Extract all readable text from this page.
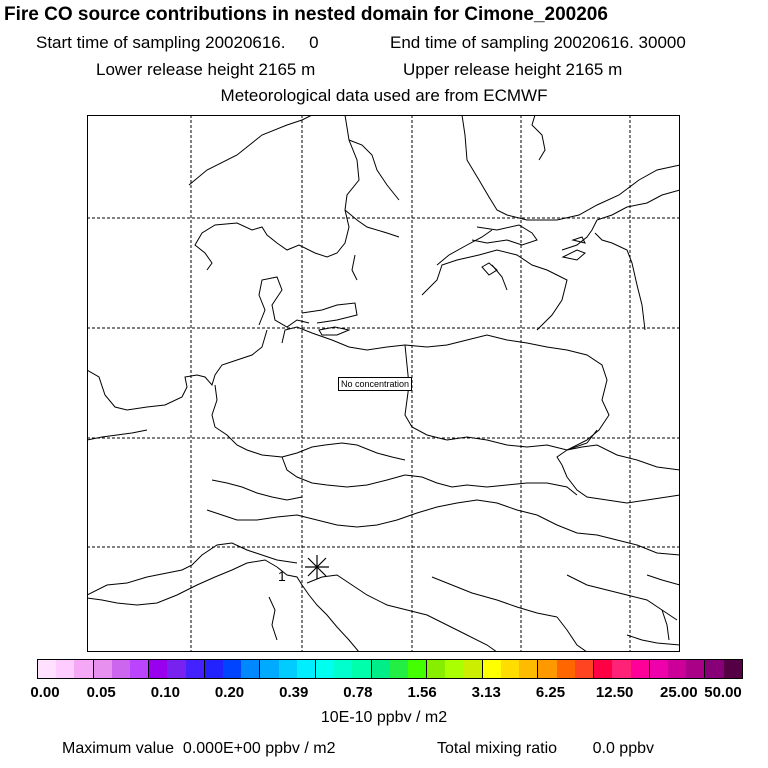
Fire CO source contributions in nested domain for Cimone_200206
Start time of sampling 20020616.     0	End time of sampling 20020616. 30000
Lower release height 2165 m	Upper release height 2165 m
Meteorological data used are from ECMWF
1
No concentration
0.00 0.05 0.10 0.20 0.39 0.78 1.56 3.13 6.25 12.50 25.00 50.00
10E-10 ppbv / m2
Maximum value  0.000E+00 ppbv / m2	Total mixing ratio        0.0 ppbv
